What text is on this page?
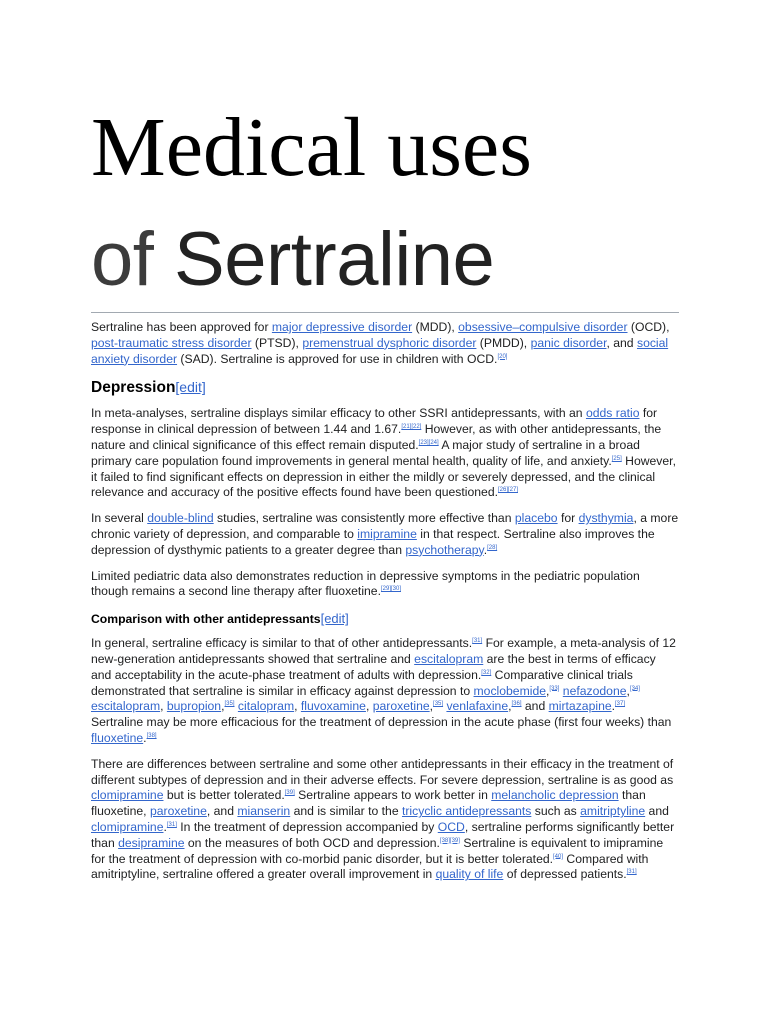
Medical uses
of Sertraline

Sertraline has been approved for major depressive disorder (MDD), obsessive–compulsive disorder (OCD), post-traumatic stress disorder (PTSD), premenstrual dysphoric disorder (PMDD), panic disorder, and social anxiety disorder (SAD). Sertraline is approved for use in children with OCD.[20]

Depression[edit]

In meta-analyses, sertraline displays similar efficacy to other SSRI antidepressants, with an odds ratio for response in clinical depression of between 1.44 and 1.67.[21][22] However, as with other antidepressants, the nature and clinical significance of this effect remain disputed.[23][24] A major study of sertraline in a broad primary care population found improvements in general mental health, quality of life, and anxiety.[25] However, it failed to find significant effects on depression in either the mildly or severely depressed, and the clinical relevance and accuracy of the positive effects found have been questioned.[26][27]

In several double-blind studies, sertraline was consistently more effective than placebo for dysthymia, a more chronic variety of depression, and comparable to imipramine in that respect. Sertraline also improves the depression of dysthymic patients to a greater degree than psychotherapy.[28]

Limited pediatric data also demonstrates reduction in depressive symptoms in the pediatric population though remains a second line therapy after fluoxetine.[29][30]

Comparison with other antidepressants[edit]

In general, sertraline efficacy is similar to that of other antidepressants.[31] For example, a meta-analysis of 12 new-generation antidepressants showed that sertraline and escitalopram are the best in terms of efficacy and acceptability in the acute-phase treatment of adults with depression.[32] Comparative clinical trials demonstrated that sertraline is similar in efficacy against depression to moclobemide,[33] nefazodone,[34] escitalopram, bupropion,[35] citalopram, fluvoxamine, paroxetine,[35] venlafaxine,[36] and mirtazapine.[37] Sertraline may be more efficacious for the treatment of depression in the acute phase (first four weeks) than fluoxetine.[38]

There are differences between sertraline and some other antidepressants in their efficacy in the treatment of different subtypes of depression and in their adverse effects. For severe depression, sertraline is as good as clomipramine but is better tolerated.[39] Sertraline appears to work better in melancholic depression than fluoxetine, paroxetine, and mianserin and is similar to the tricyclic antidepressants such as amitriptyline and clomipramine.[31] In the treatment of depression accompanied by OCD, sertraline performs significantly better than desipramine on the measures of both OCD and depression.[38][39] Sertraline is equivalent to imipramine for the treatment of depression with co-morbid panic disorder, but it is better tolerated.[40] Compared with amitriptyline, sertraline offered a greater overall improvement in quality of life of depressed patients.[31]
